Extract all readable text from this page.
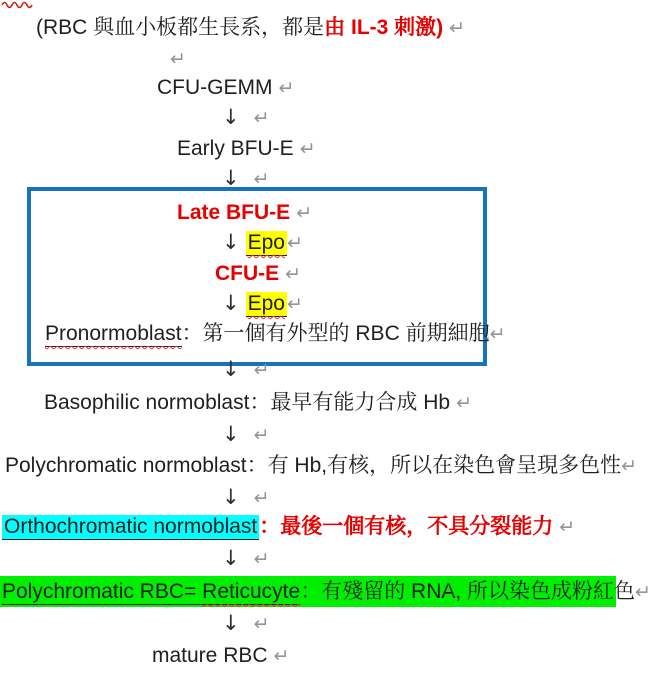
(RBC 與血小板都生長系，都是由 IL-3 刺激) ↵
↵
CFU-GEMM ↵
↓ ↵
Early BFU-E ↵
↓ ↵
Late BFU-E ↵
↓ Epo ↵
CFU-E ↵
↓ Epo ↵
Pronormoblast：第一個有外型的 RBC 前期細胞↵
↓ ↵
Basophilic normoblast：最早有能力合成 Hb ↵
↓ ↵
Polychromatic normoblast：有 Hb,有核，所以在染色會呈現多色性↵
↓ ↵
Orthochromatic normoblast：最後一個有核，不具分裂能力 ↵
↓ ↵
Polychromatic RBC= Reticucyte：有殘留的 RNA, 所以染色成粉紅色↵
↓ ↵
mature RBC ↵
